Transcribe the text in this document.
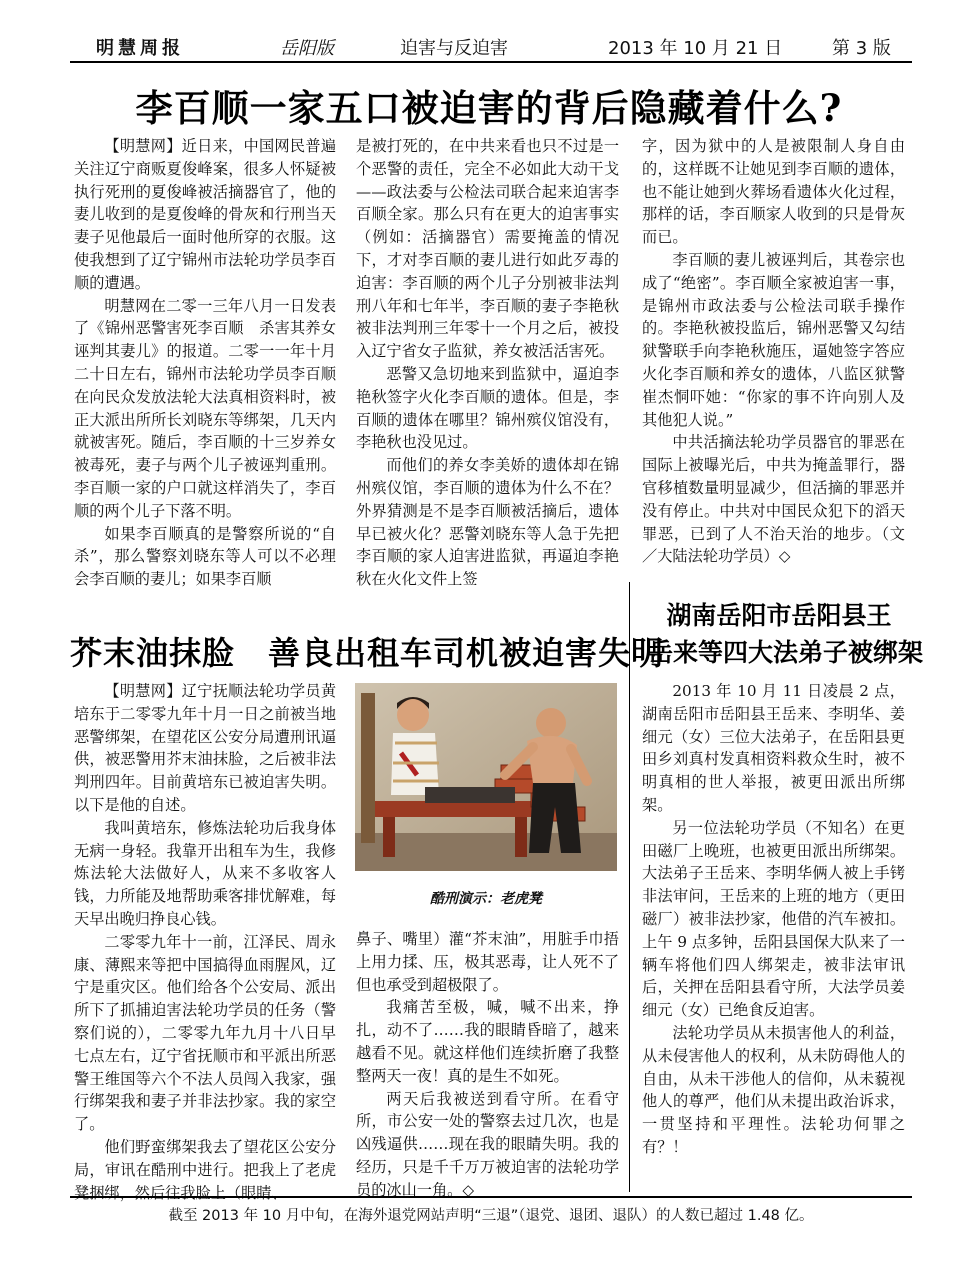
明慧周报	岳阳版	迫害与反迫害	2013 年 10 月 21 日	第 3 版
李百顺一家五口被迫害的背后隐藏着什么?

【明慧网】近日来，中国网民普遍关注辽宁商贩夏俊峰案，很多人怀疑被执行死刑的夏俊峰被活摘器官了，他的妻儿收到的是夏俊峰的骨灰和行刑当天妻子见他最后一面时他所穿的衣服。这使我想到了辽宁锦州市法轮功学员李百顺的遭遇。

明慧网在二零一三年八月一日发表了《锦州恶警害死李百顺　杀害其养女　诬判其妻儿》的报道。二零一一年十月二十日左右，锦州市法轮功学员李百顺在向民众发放法轮大法真相资料时，被正大派出所所长刘晓东等绑架，几天内就被害死。随后，李百顺的十三岁养女被毒死，妻子与两个儿子被诬判重刑。李百顺一家的户口就这样消失了，李百顺的两个儿子下落不明。

如果李百顺真的是警察所说的“自杀”，那么警察刘晓东等人可以不必理会李百顺的妻儿；如果李百顺

是被打死的，在中共来看也只不过是一个恶警的责任，完全不必如此大动干戈——政法委与公检法司联合起来迫害李百顺全家。那么只有在更大的迫害事实（例如：活摘器官）需要掩盖的情况下，才对李百顺的妻儿进行如此歹毒的迫害：李百顺的两个儿子分别被非法判刑八年和七年半，李百顺的妻子李艳秋被非法判刑三年零十一个月之后，被投入辽宁省女子监狱，养女被活活害死。

恶警又急切地来到监狱中，逼迫李艳秋签字火化李百顺的遗体。但是，李百顺的遗体在哪里？锦州殡仪馆没有，李艳秋也没见过。

而他们的养女李美娇的遗体却在锦州殡仪馆，李百顺的遗体为什么不在？外界猜测是不是李百顺被活摘后，遗体早已被火化？恶警刘晓东等人急于先把李百顺的家人迫害进监狱，再逼迫李艳秋在火化文件上签

字，因为狱中的人是被限制人身自由的，这样既不让她见到李百顺的遗体，也不能让她到火葬场看遗体火化过程，那样的话，李百顺家人收到的只是骨灰而已。

李百顺的妻儿被诬判后，其卷宗也成了“绝密”。李百顺全家被迫害一事，是锦州市政法委与公检法司联手操作的。李艳秋被投监后，锦州恶警又勾结狱警联手向李艳秋施压，逼她签字答应火化李百顺和养女的遗体，八监区狱警崔杰恫吓她：“你家的事不许向别人及其他犯人说。”

中共活摘法轮功学员器官的罪恶在国际上被曝光后，中共为掩盖罪行，器官移植数量明显减少，但活摘的罪恶并没有停止。中共对中国民众犯下的滔天罪恶，已到了人不治天治的地步。（文／大陆法轮功学员）◇

芥末油抹脸　善良出租车司机被迫害失明

【明慧网】辽宁抚顺法轮功学员黄培东于二零零九年十月一日之前被当地恶警绑架，在望花区公安分局遭刑讯逼供，被恶警用芥末油抹脸，之后被非法判刑四年。目前黄培东已被迫害失明。以下是他的自述。

我叫黄培东，修炼法轮功后我身体无病一身轻。我靠开出租车为生，我修炼法轮大法做好人，从来不多收客人钱，力所能及地帮助乘客排忧解难，每天早出晚归挣良心钱。

二零零九年十一前，江泽民、周永康、薄熙来等把中国搞得血雨腥风，辽宁是重灾区。他们给各个公安局、派出所下了抓捕迫害法轮功学员的任务（警察们说的），二零零九年九月十八日早七点左右，辽宁省抚顺市和平派出所恶警王维国等六个不法人员闯入我家，强行绑架我和妻子并非法抄家。我的家空了。

他们野蛮绑架我去了望花区公安分局，审讯在酷刑中进行。把我上了老虎凳捆绑，然后往我脸上（眼睛、

酷刑演示：老虎凳

鼻子、嘴里）灌“芥末油”，用脏手巾捂上用力揉、压，极其恶毒，让人死不了但也承受到超极限了。

我痛苦至极，喊，喊不出来，挣扎，动不了……我的眼睛昏暗了，越来越看不见。就这样他们连续折磨了我整整两天一夜！真的是生不如死。

两天后我被送到看守所。在看守所，市公安一处的警察去过几次，也是凶残逼供……现在我的眼睛失明。我的经历，只是千千万万被迫害的法轮功学员的冰山一角。◇

湖南岳阳市岳阳县王
岳来等四大法弟子被绑架

2013 年 10 月 11 日凌晨 2 点，湖南岳阳市岳阳县王岳来、李明华、姜细元（女）三位大法弟子，在岳阳县更田乡刘真村发真相资料救众生时，被不明真相的世人举报，被更田派出所绑架。

另一位法轮功学员（不知名）在更田磁厂上晚班，也被更田派出所绑架。大法弟子王岳来、李明华俩人被上手铐非法审问，王岳来的上班的地方（更田磁厂）被非法抄家，他借的汽车被扣。上午 9 点多钟，岳阳县国保大队来了一辆车将他们四人绑架走，被非法审讯后，关押在岳阳县看守所，大法学员姜细元（女）已绝食反迫害。

法轮功学员从未损害他人的利益，从未侵害他人的权利，从未防碍他人的自由，从未干涉他人的信仰，从未藐视他人的尊严，他们从未提出政治诉求，一贯坚持和平理性。法轮功何罪之有？！

截至 2013 年 10 月中旬，在海外退党网站声明“三退”（退党、退团、退队）的人数已超过 1.48 亿。
